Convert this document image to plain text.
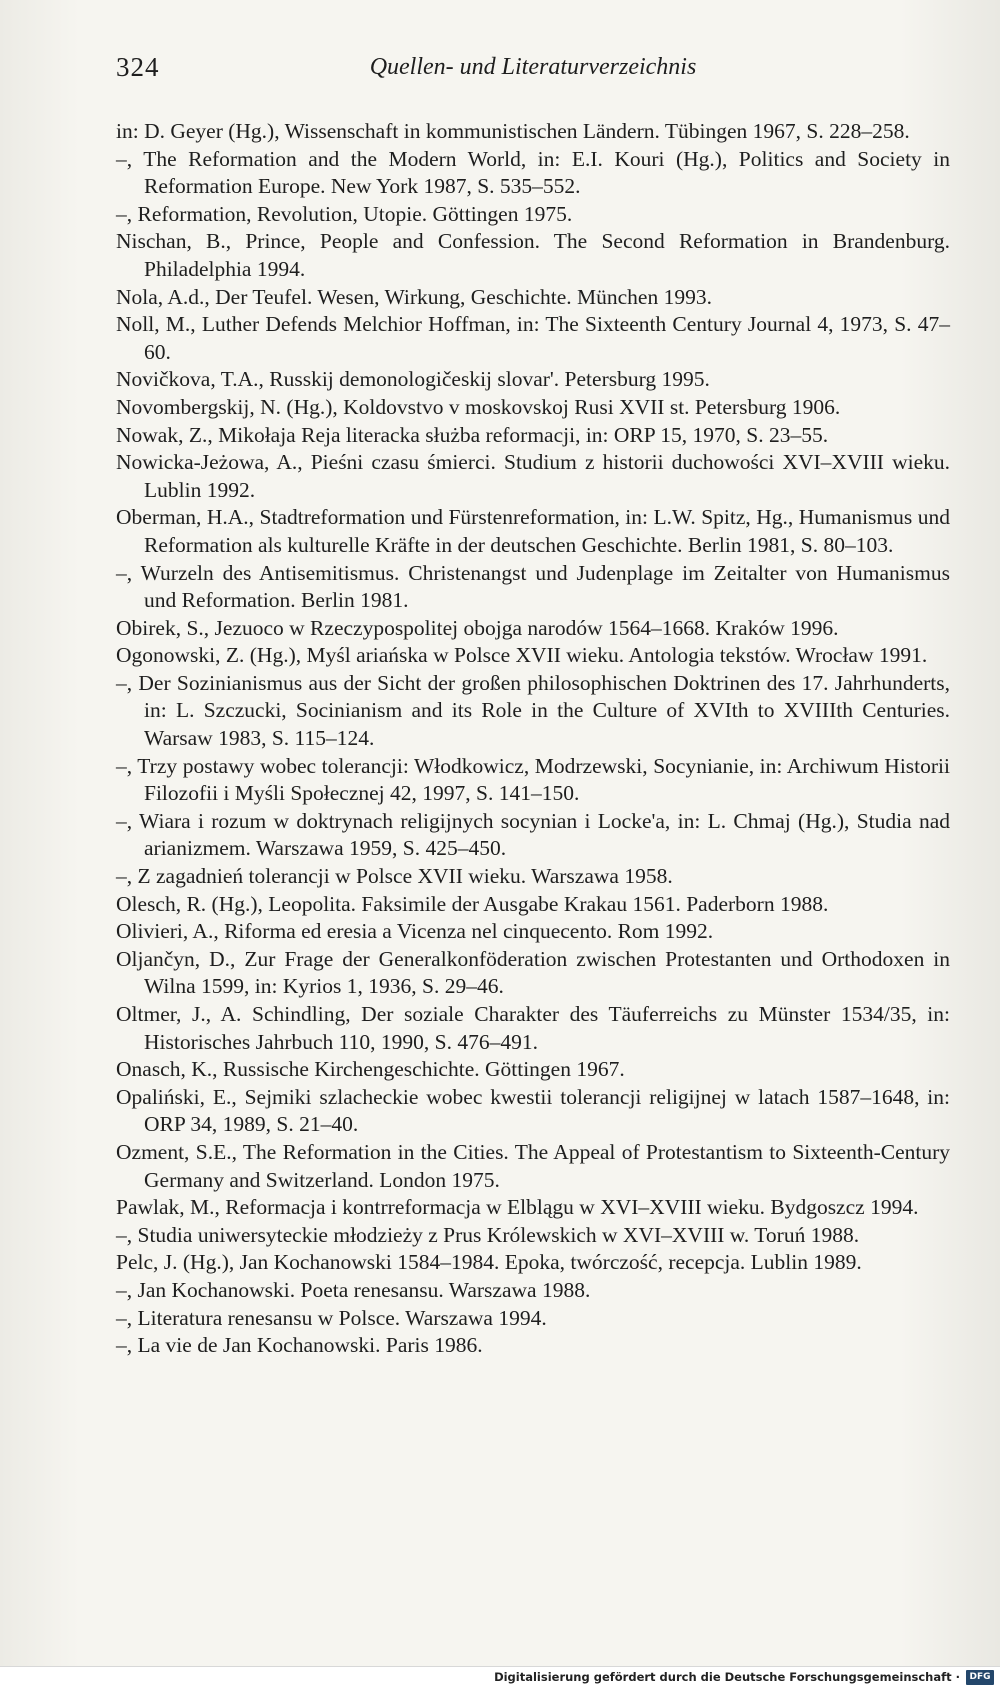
324	Quellen- und Literaturverzeichnis
in: D. Geyer (Hg.), Wissenschaft in kommunistischen Ländern. Tübingen 1967, S. 228–258.
–, The Reformation and the Modern World, in: E.I. Kouri (Hg.), Politics and Society in Reformation Europe. New York 1987, S. 535–552.
–, Reformation, Revolution, Utopie. Göttingen 1975.
Nischan, B., Prince, People and Confession. The Second Reformation in Brandenburg. Philadelphia 1994.
Nola, A.d., Der Teufel. Wesen, Wirkung, Geschichte. München 1993.
Noll, M., Luther Defends Melchior Hoffman, in: The Sixteenth Century Journal 4, 1973, S. 47–60.
Novičkova, T.A., Russkij demonologičeskij slovar'. Petersburg 1995.
Novombergskij, N. (Hg.), Koldovstvo v moskovskoj Rusi XVII st. Petersburg 1906.
Nowak, Z., Mikołaja Reja literacka służba reformacji, in: ORP 15, 1970, S. 23–55.
Nowicka-Jeżowa, A., Pieśni czasu śmierci. Studium z historii duchowości XVI–XVIII wieku. Lublin 1992.
Oberman, H.A., Stadtreformation und Fürstenreformation, in: L.W. Spitz, Hg., Humanismus und Reformation als kulturelle Kräfte in der deutschen Geschichte. Berlin 1981, S. 80–103.
–, Wurzeln des Antisemitismus. Christenangst und Judenplage im Zeitalter von Humanismus und Reformation. Berlin 1981.
Obirek, S., Jezuoco w Rzeczypospolitej obojga narodów 1564–1668. Kraków 1996.
Ogonowski, Z. (Hg.), Myśl ariańska w Polsce XVII wieku. Antologia tekstów. Wrocław 1991.
–, Der Sozinianismus aus der Sicht der großen philosophischen Doktrinen des 17. Jahrhunderts, in: L. Szczucki, Socinianism and its Role in the Culture of XVIth to XVIIIth Centuries. Warsaw 1983, S. 115–124.
–, Trzy postawy wobec tolerancji: Włodkowicz, Modrzewski, Socynianie, in: Archiwum Historii Filozofii i Myśli Społecznej 42, 1997, S. 141–150.
–, Wiara i rozum w doktrynach religijnych socynian i Locke'a, in: L. Chmaj (Hg.), Studia nad arianizmem. Warszawa 1959, S. 425–450.
–, Z zagadnień tolerancji w Polsce XVII wieku. Warszawa 1958.
Olesch, R. (Hg.), Leopolita. Faksimile der Ausgabe Krakau 1561. Paderborn 1988.
Olivieri, A., Riforma ed eresia a Vicenza nel cinquecento. Rom 1992.
Oljančyn, D., Zur Frage der Generalkonföderation zwischen Protestanten und Orthodoxen in Wilna 1599, in: Kyrios 1, 1936, S. 29–46.
Oltmer, J., A. Schindling, Der soziale Charakter des Täuferreichs zu Münster 1534/35, in: Historisches Jahrbuch 110, 1990, S. 476–491.
Onasch, K., Russische Kirchengeschichte. Göttingen 1967.
Opaliński, E., Sejmiki szlacheckie wobec kwestii tolerancji religijnej w latach 1587–1648, in: ORP 34, 1989, S. 21–40.
Ozment, S.E., The Reformation in the Cities. The Appeal of Protestantism to Sixteenth-Century Germany and Switzerland. London 1975.
Pawlak, M., Reformacja i kontrreformacja w Elblągu w XVI–XVIII wieku. Bydgoszcz 1994.
–, Studia uniwersyteckie młodzieży z Prus Królewskich w XVI–XVIII w. Toruń 1988.
Pelc, J. (Hg.), Jan Kochanowski 1584–1984. Epoka, twórczość, recepcja. Lublin 1989.
–, Jan Kochanowski. Poeta renesansu. Warszawa 1988.
–, Literatura renesansu w Polsce. Warszawa 1994.
–, La vie de Jan Kochanowski. Paris 1986.
Digitalisierung gefördert durch die Deutsche Forschungsgemeinschaft ·	DFG
